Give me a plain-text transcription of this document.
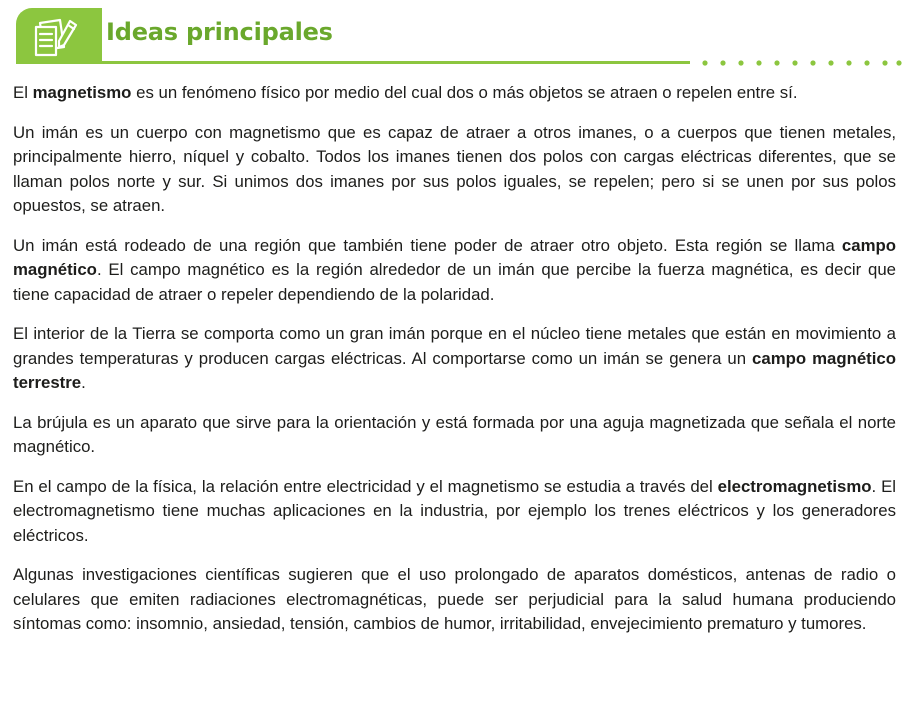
Ideas principales

El magnetismo es un fenómeno físico por medio del cual dos o más objetos se atraen o repelen entre sí.

Un imán es un cuerpo con magnetismo que es capaz de atraer a otros imanes, o a cuerpos que tienen metales, principalmente hierro, níquel y cobalto. Todos los imanes tienen dos polos con cargas eléctricas diferentes, que se llaman polos norte y sur. Si unimos dos imanes por sus polos iguales, se repelen; pero si se unen por sus polos opuestos, se atraen.

Un imán está rodeado de una región que también tiene poder de atraer otro objeto. Esta región se llama campo magnético. El campo magnético es la región alrededor de un imán que percibe la fuerza magnética, es decir que tiene capacidad de atraer o repeler dependiendo de la polaridad.

El interior de la Tierra se comporta como un gran imán porque en el núcleo tiene metales que están en movimiento a grandes temperaturas y producen cargas eléctricas. Al comportarse como un imán se genera un campo magnético terrestre.

La brújula es un aparato que sirve para la orientación y está formada por una aguja magnetizada que señala el norte magnético.

En el campo de la física, la relación entre electricidad y el magnetismo se estudia a través del electromagnetismo. El electromagnetismo tiene muchas aplicaciones en la industria, por ejemplo los trenes eléctricos y los generadores eléctricos.

Algunas investigaciones científicas sugieren que el uso prolongado de aparatos domésticos, antenas de radio o celulares que emiten radiaciones electromagnéticas, puede ser perjudicial para la salud humana produciendo síntomas como: insomnio, ansiedad, tensión, cambios de humor, irritabilidad, envejecimiento prematuro y tumores.
